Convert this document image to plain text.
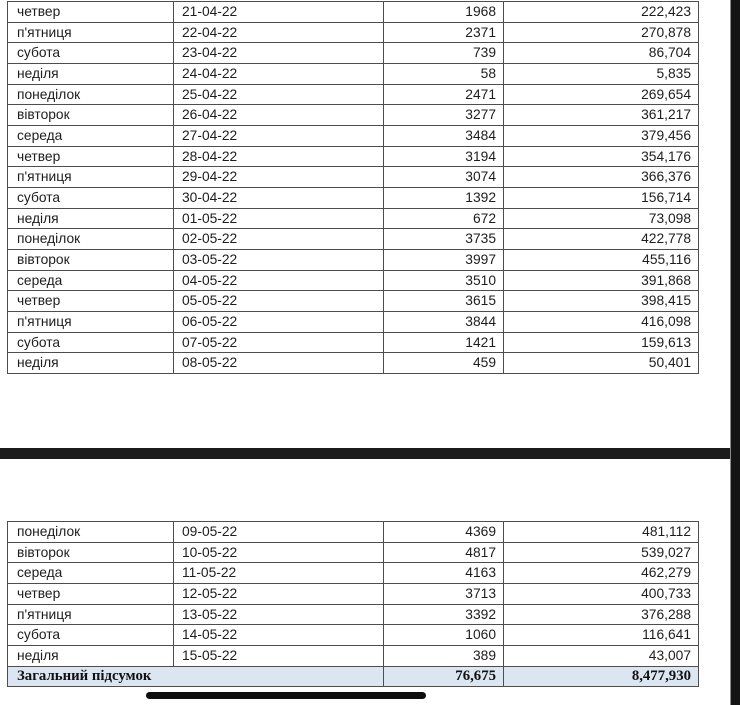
четвер	21-04-22	1968	222,423
п'ятниця	22-04-22	2371	270,878
субота	23-04-22	739	86,704
неділя	24-04-22	58	5,835
понеділок	25-04-22	2471	269,654
вівторок	26-04-22	3277	361,217
середа	27-04-22	3484	379,456
четвер	28-04-22	3194	354,176
п'ятниця	29-04-22	3074	366,376
субота	30-04-22	1392	156,714
неділя	01-05-22	672	73,098
понеділок	02-05-22	3735	422,778
вівторок	03-05-22	3997	455,116
середа	04-05-22	3510	391,868
четвер	05-05-22	3615	398,415
п'ятниця	06-05-22	3844	416,098
субота	07-05-22	1421	159,613
неділя	08-05-22	459	50,401
понеділок	09-05-22	4369	481,112
вівторок	10-05-22	4817	539,027
середа	11-05-22	4163	462,279
четвер	12-05-22	3713	400,733
п'ятниця	13-05-22	3392	376,288
субота	14-05-22	1060	116,641
неділя	15-05-22	389	43,007
Загальний підсумок		76,675	8,477,930
